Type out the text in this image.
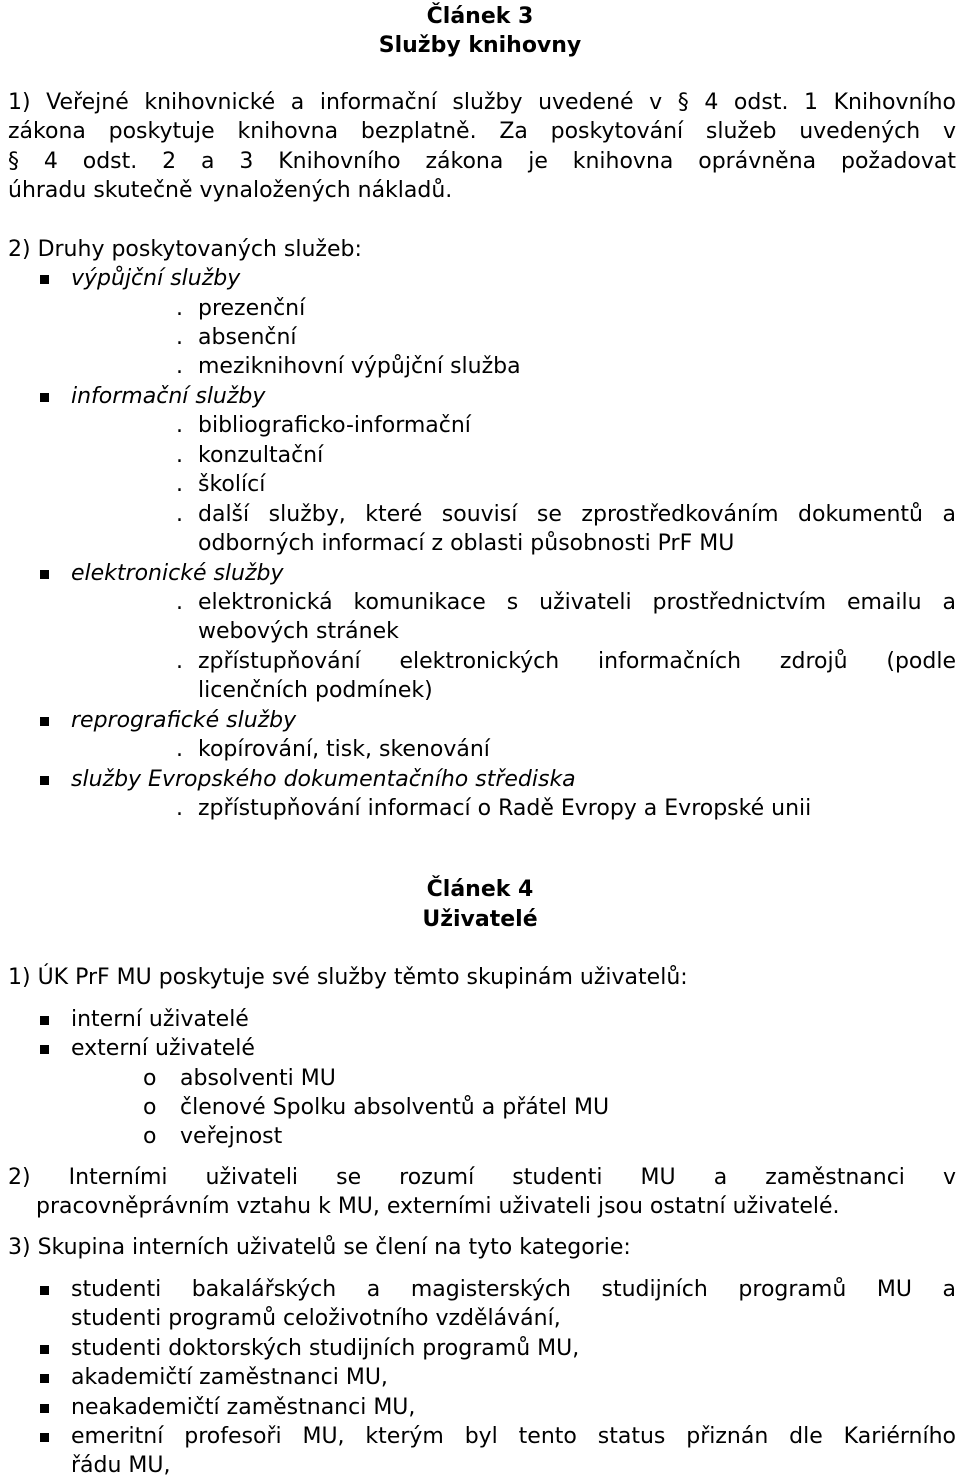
Článek 3
Služby knihovny
1) Veřejné knihovnické a informační služby uvedené v § 4 odst. 1 Knihovního
zákona poskytuje knihovna bezplatně. Za poskytování služeb uvedených v
§ 4 odst. 2 a 3 Knihovního zákona je knihovna oprávněna požadovat
úhradu skutečně vynaložených nákladů.
2) Druhy poskytovaných služeb:
výpůjční služby
. prezenční
. absenční
. meziknihovní výpůjční služba
informační služby
. bibliograficko-informační
. konzultační
. školící
. další služby, které souvisí se zprostředkováním dokumentů a
odborných informací z oblasti působnosti PrF MU
elektronické služby
. elektronická komunikace s uživateli prostřednictvím emailu a
webových stránek
. zpřístupňování elektronických informačních zdrojů (podle
licenčních podmínek)
reprografické služby
. kopírování, tisk, skenování
služby Evropského dokumentačního střediska
. zpřístupňování informací o Radě Evropy a Evropské unii
Článek 4
Uživatelé
1) ÚK PrF MU poskytuje své služby těmto skupinám uživatelů:
interní uživatelé
externí uživatelé
o absolventi MU
o členové Spolku absolventů a přátel MU
o veřejnost
2) Interními uživateli se rozumí studenti MU a zaměstnanci v
pracovněprávním vztahu k MU, externími uživateli jsou ostatní uživatelé.
3) Skupina interních uživatelů se člení na tyto kategorie:
studenti bakalářských a magisterských studijních programů MU a
studenti programů celoživotního vzdělávání,
studenti doktorských studijních programů MU,
akademičtí zaměstnanci MU,
neakademičtí zaměstnanci MU,
emeritní profesoři MU, kterým byl tento status přiznán dle Kariérního
řádu MU,
